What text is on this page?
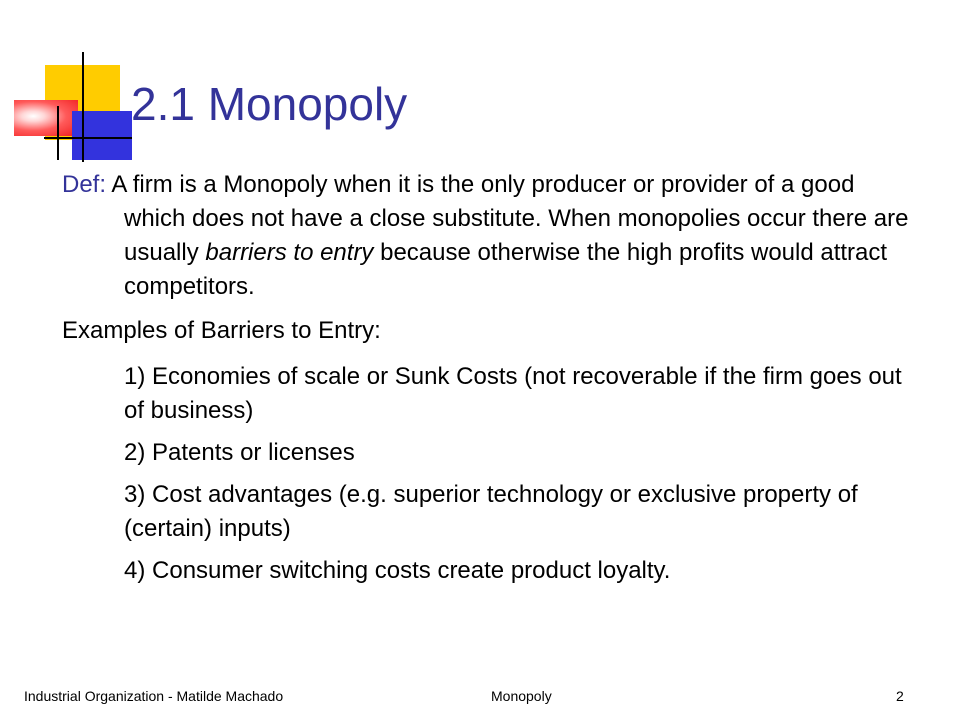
2.1 Monopoly

Def: A firm is a Monopoly when it is the only producer or provider of a good which does not have a close substitute. When monopolies occur there are usually barriers to entry because otherwise the high profits would attract competitors.

Examples of Barriers to Entry:

1) Economies of scale or Sunk Costs (not recoverable if the firm goes out of business)

2) Patents or licenses

3) Cost advantages (e.g. superior technology or exclusive property of (certain) inputs)

4) Consumer switching costs create product loyalty.

Industrial Organization - Matilde Machado	Monopoly	2
